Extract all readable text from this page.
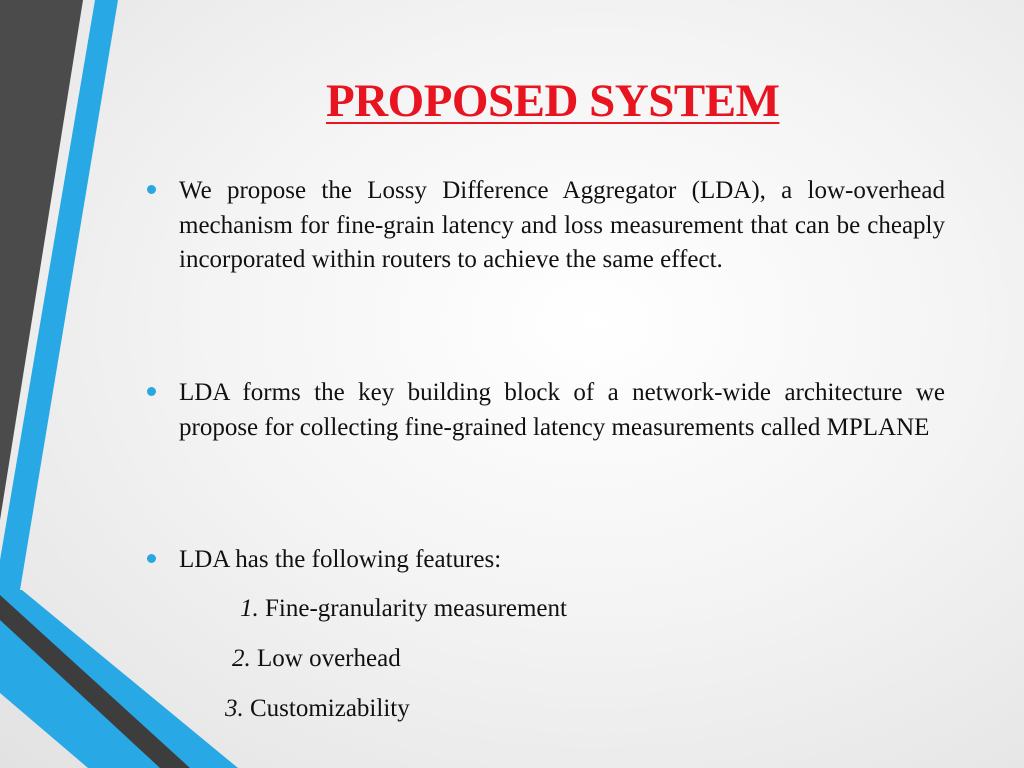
PROPOSED SYSTEM

We propose the Lossy Difference Aggregator (LDA), a low-overhead mechanism for fine-grain latency and loss measurement that can be cheaply incorporated within routers to achieve the same effect.

LDA forms the key building block of a network-wide architecture we propose for collecting fine-grained latency measurements called MPLANE

LDA has the following features:

1. Fine-granularity measurement
2. Low overhead
3. Customizability
